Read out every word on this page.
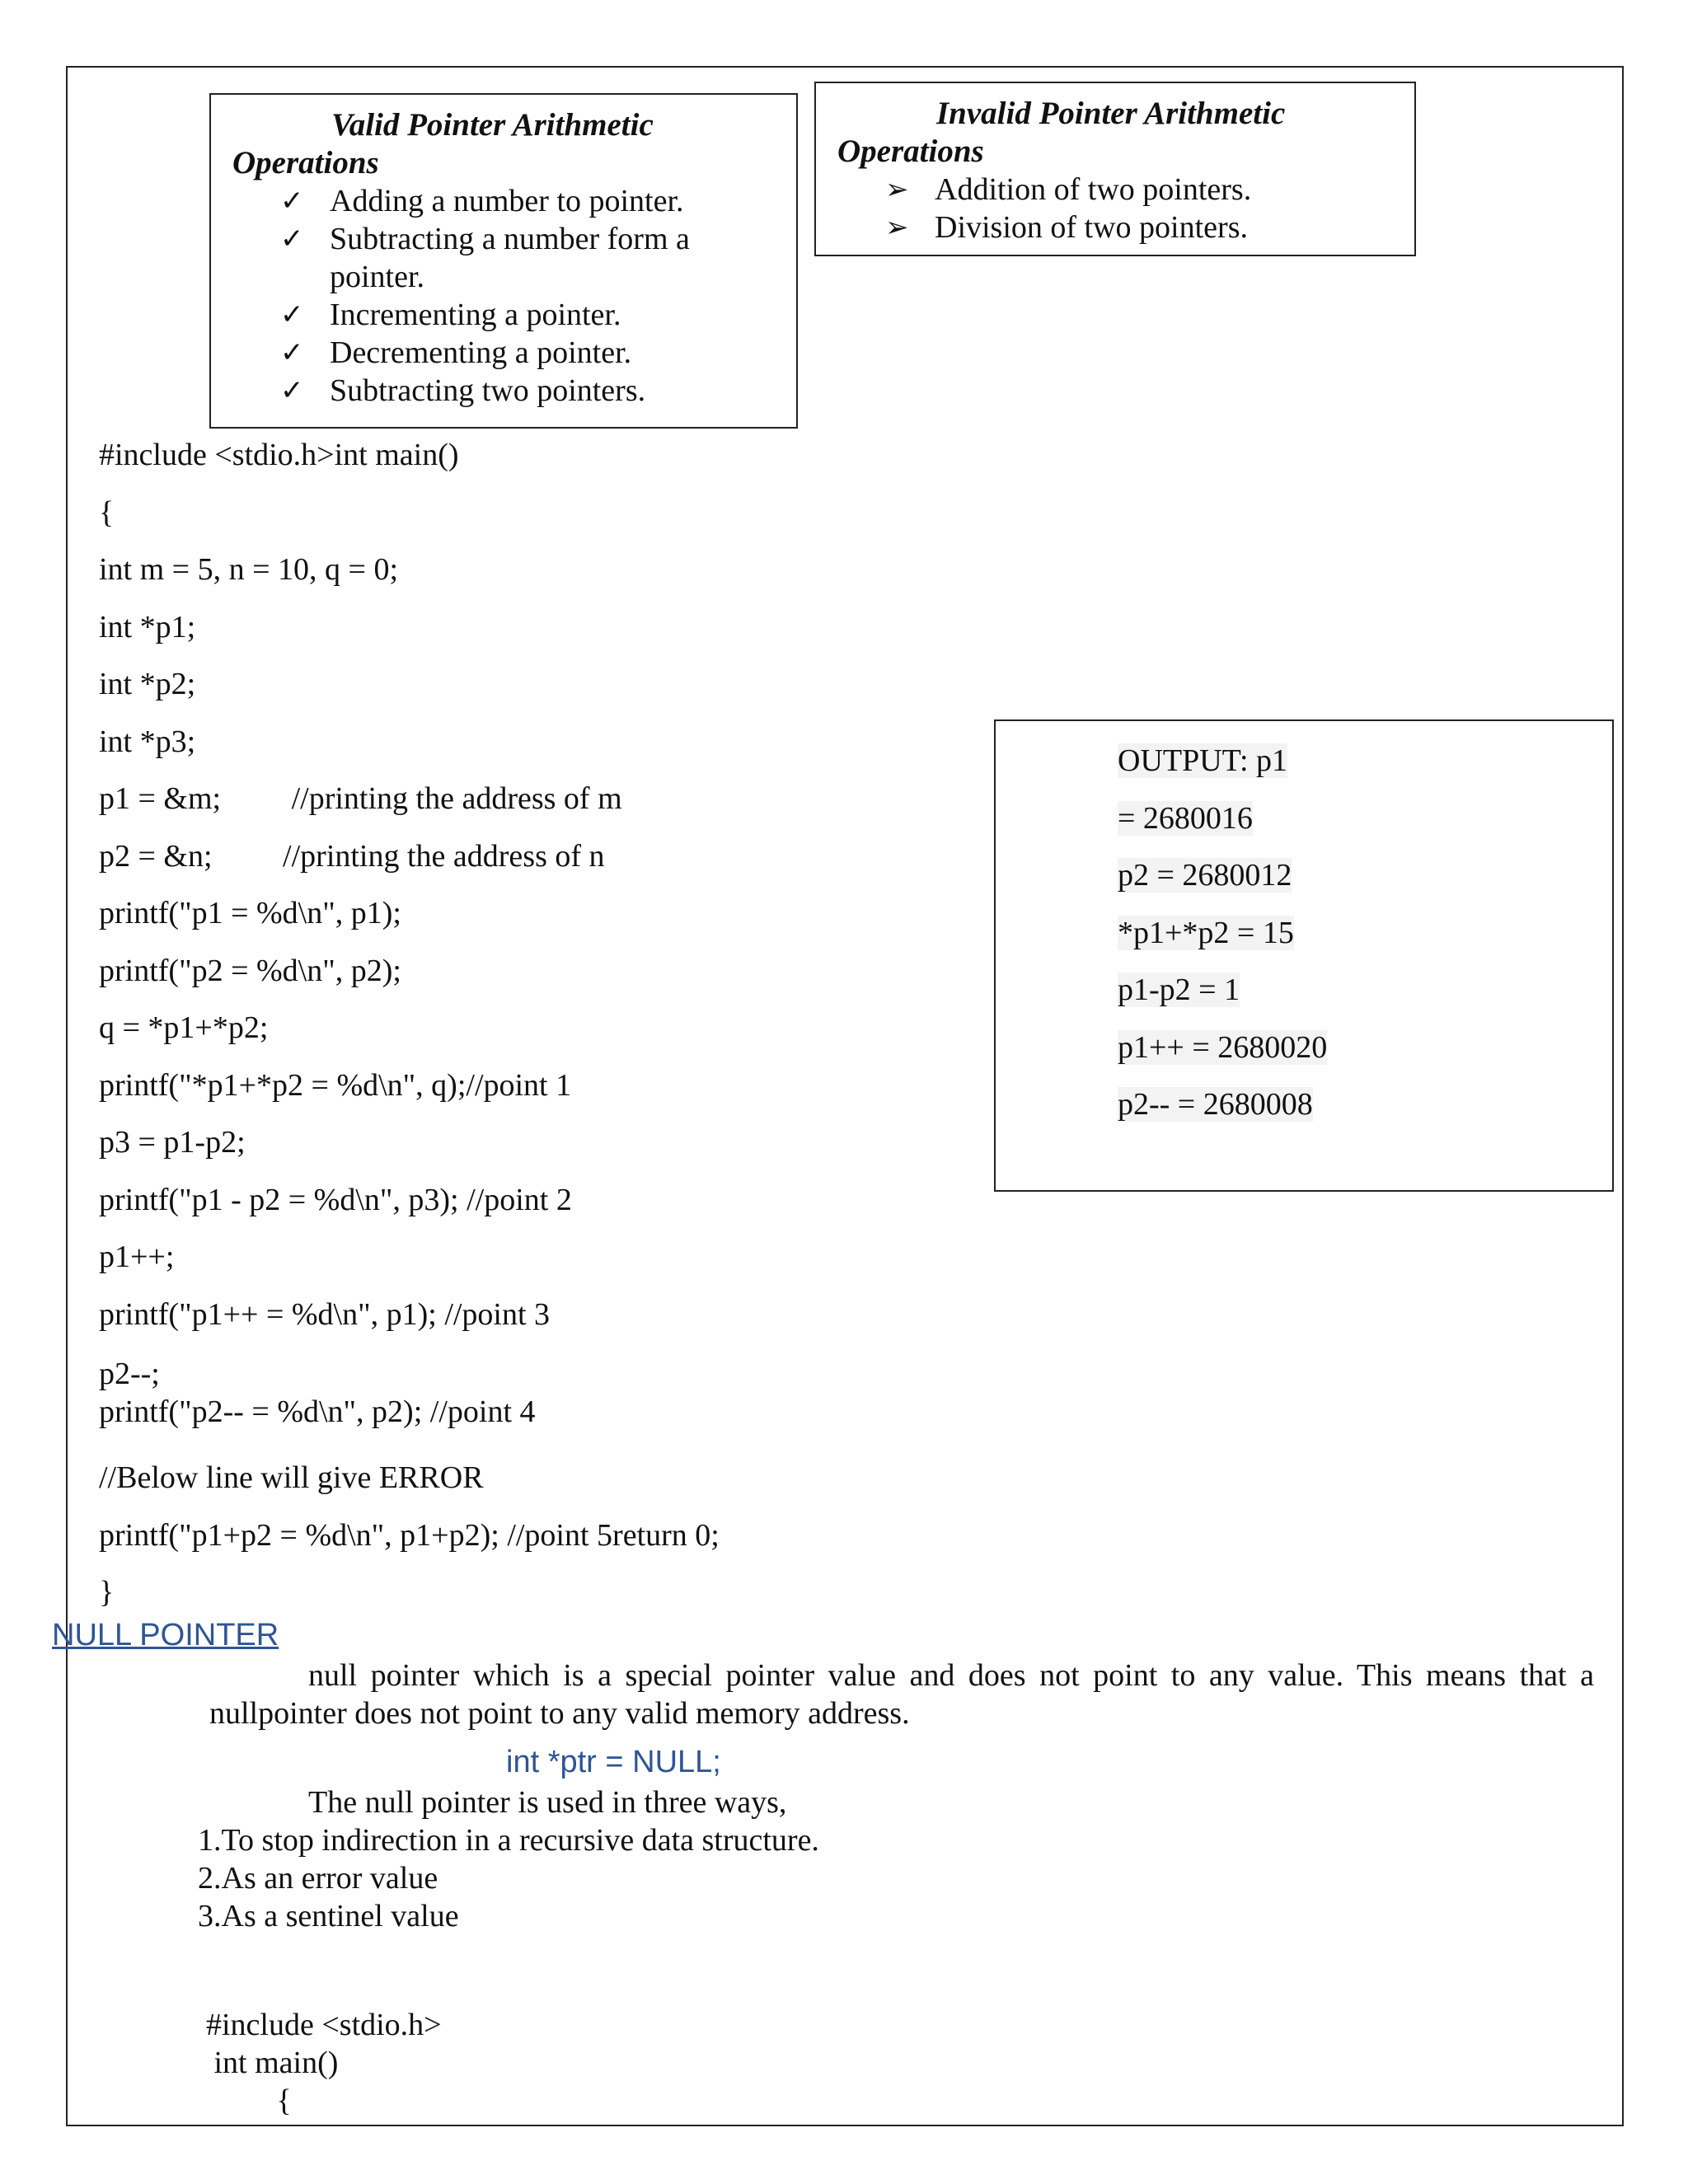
Valid Pointer Arithmetic

Operations

✓ Adding a number to pointer.
✓ Subtracting a number form a pointer.
✓ Incrementing a pointer.
✓ Decrementing a pointer.
✓ Subtracting two pointers.

Invalid Pointer Arithmetic

Operations

➢ Addition of two pointers.
➢ Division of two pointers.

#include <stdio.h>int main()

{

int m = 5, n = 10, q = 0;

int *p1;

int *p2;

int *p3;

p1 = &m;         //printing the address of m

p2 = &n;         //printing the address of n

printf("p1 = %d\n", p1);

printf("p2 = %d\n", p2);

q = *p1+*p2;

printf("*p1+*p2 = %d\n", q);//point 1

p3 = p1-p2;

printf("p1 - p2 = %d\n", p3); //point 2

p1++;

printf("p1++ = %d\n", p1); //point 3

p2--;

printf("p2-- = %d\n", p2); //point 4

//Below line will give ERROR

printf("p1+p2 = %d\n", p1+p2); //point 5return 0;

}

OUTPUT: p1

= 2680016

p2 = 2680012

*p1+*p2 = 15

p1-p2 = 1

p1++ = 2680020

p2-- = 2680008

NULL POINTER

null pointer which is a special pointer value and does not point to any value. This means that a nullpointer does not point to any valid memory address.

int *ptr = NULL;

The null pointer is used in three ways,

1.To stop indirection in a recursive data structure.
2.As an error value
3.As a sentinel value

#include <stdio.h>

int main()

{
